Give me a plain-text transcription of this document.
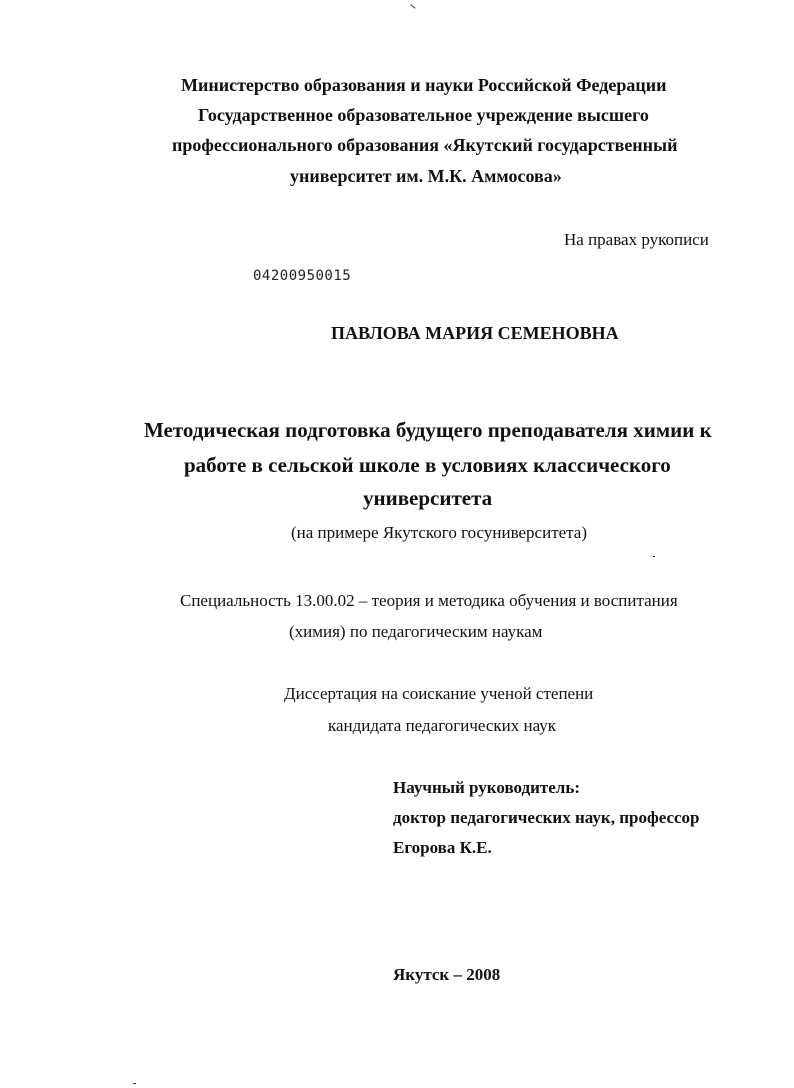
Министерство образования и науки Российской Федерации
Государственное образовательное учреждение высшего
профессионального образования «Якутский государственный
университет им. М.К. Аммосова»
На правах рукописи
04200950015
ПАВЛОВА МАРИЯ СЕМЕНОВНА
Методическая подготовка будущего преподавателя химии к
работе в сельской школе в условиях классического
университета
(на примере Якутского госуниверситета)
Специальность 13.00.02 – теория и методика обучения и воспитания
(химия) по педагогическим наукам
Диссертация на соискание ученой степени
кандидата педагогических наук
Научный руководитель:
доктор педагогических наук, профессор
Егорова К.Е.
Якутск – 2008
